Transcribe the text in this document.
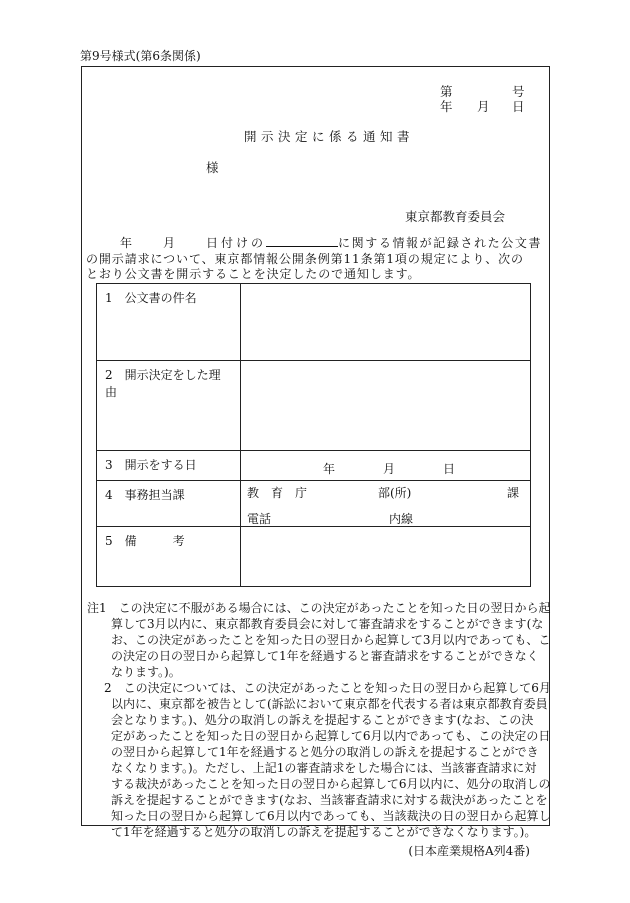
第9号様式(第6条関係)
第	号
年 月 日
開示決定に係る通知書
様
東京都教育委員会
年	月	日付けの	に関する情報が記録された公文書
の開示請求について、東京都情報公開条例第11条第1項の規定により、次の
とおり公文書を開示することを決定したので通知します。
1　公文書の件名	
2　開示決定をした理由	
3　開示をする日	年 月 日

4　事務担当課	教　育　庁 部(所) 課
電話 内線

5　備　　　考	
注1　この決定に不服がある場合には、この決定があったことを知った日の翌日から起
算して3月以内に、東京都教育委員会に対して審査請求をすることができます(な
お、この決定があったことを知った日の翌日から起算して3月以内であっても、こ
の決定の日の翌日から起算して1年を経過すると審査請求をすることができなく
なります。)。
2　この決定については、この決定があったことを知った日の翌日から起算して6月
以内に、東京都を被告として(訴訟において東京都を代表する者は東京都教育委員
会となります。)、処分の取消しの訴えを提起することができます(なお、この決
定があったことを知った日の翌日から起算して6月以内であっても、この決定の日
の翌日から起算して1年を経過すると処分の取消しの訴えを提起することができ
なくなります。)。ただし、上記1の審査請求をした場合には、当該審査請求に対
する裁決があったことを知った日の翌日から起算して6月以内に、処分の取消しの
訴えを提起することができます(なお、当該審査請求に対する裁決があったことを
知った日の翌日から起算して6月以内であっても、当該裁決の日の翌日から起算し
て1年を経過すると処分の取消しの訴えを提起することができなくなります。)。
(日本産業規格A列4番)
